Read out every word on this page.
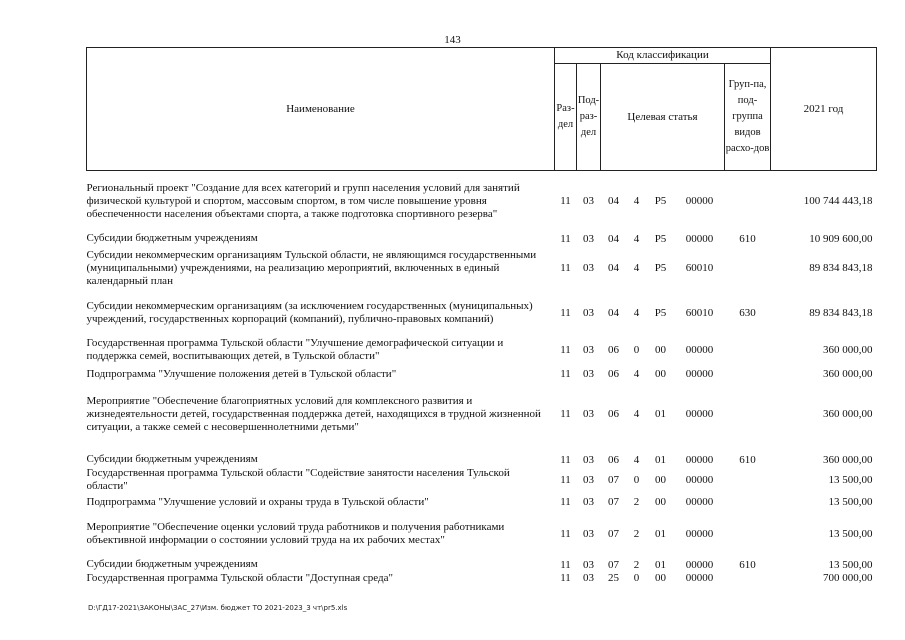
143
Наименование	Код классификации							2021 год
	Раз-дел	Под-раз-дел	Целевая статья				Груп-па, под-группа видов расхо-дов	
Региональный проект "Создание для всех категорий и групп населения условий для занятий физической культурой и спортом, массовым спортом, в том числе повышение уровня обеспеченности населения объектами спорта, а также подготовка спортивного резерва"	11	03	04	4	P5	00000		100 744 443,18
Субсидии бюджетным учреждениям	11	03	04	4	P5	00000	610	10 909 600,00
Субсидии некоммерческим организациям Тульской области, не являющимся государственными (муниципальными) учреждениями, на реализацию мероприятий, включенных в единый календарный план	11	03	04	4	P5	60010		89 834 843,18
Субсидии некоммерческим организациям (за исключением государственных (муниципальных) учреждений, государственных корпораций (компаний), публично-правовых компаний)	11	03	04	4	P5	60010	630	89 834 843,18
Государственная программа Тульской области "Улучшение демографической ситуации и поддержка семей, воспитывающих детей, в Тульской области"	11	03	06	0	00	00000		360 000,00
Подпрограмма "Улучшение положения детей в Тульской области"	11	03	06	4	00	00000		360 000,00
Мероприятие "Обеспечение благоприятных условий для комплексного развития и жизнедеятельности детей, государственная поддержка детей, находящихся в трудной жизненной ситуации, а также семей с несовершеннолетними детьми"	11	03	06	4	01	00000		360 000,00
Субсидии бюджетным учреждениям	11	03	06	4	01	00000	610	360 000,00
Государственная программа Тульской области "Содействие занятости населения Тульской области"	11	03	07	0	00	00000		13 500,00
Подпрограмма "Улучшение условий и охраны труда в Тульской области"	11	03	07	2	00	00000		13 500,00
Мероприятие "Обеспечение оценки условий труда работников и получения работниками объективной информации о состоянии условий труда на их рабочих местах"	11	03	07	2	01	00000		13 500,00
Субсидии бюджетным учреждениям	11	03	07	2	01	00000	610	13 500,00
Государственная программа Тульской области "Доступная среда"	11	03	25	0	00	00000		700 000,00
D:\ГД17-2021\ЗАКОНЫ\ЗАС_27\Изм. бюджет ТО 2021-2023_3 чт\pr5.xls
